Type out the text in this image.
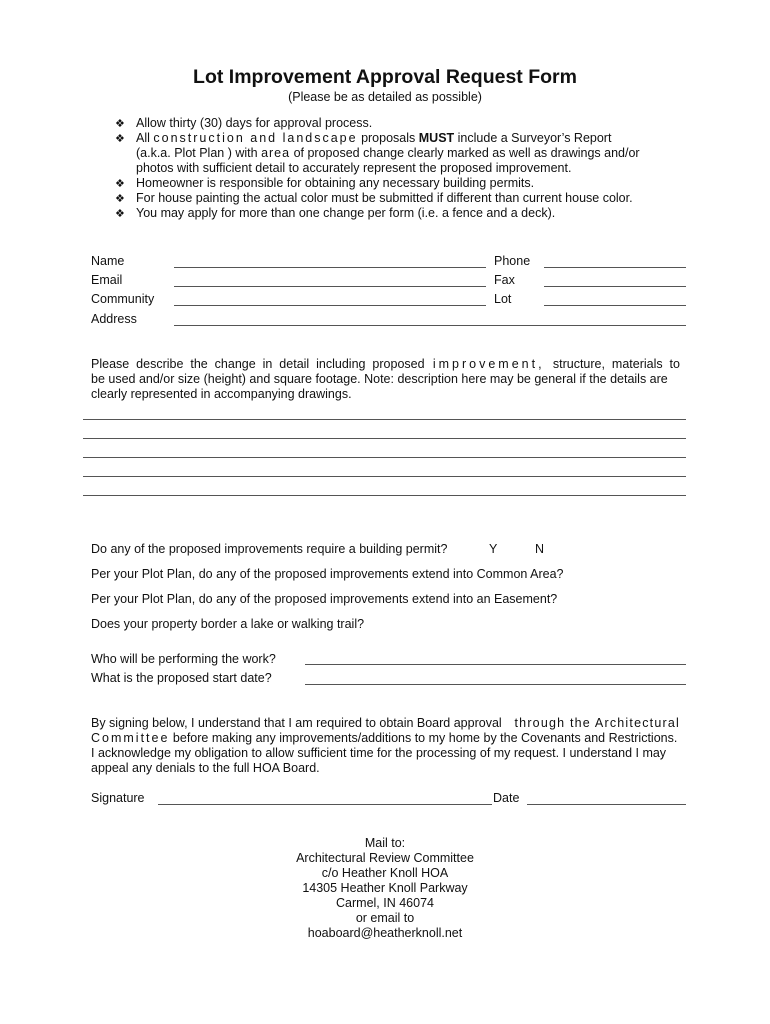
Lot Improvement Approval Request Form
(Please be as detailed as possible)
❖ Allow thirty (30) days for approval process.
❖ All construction and landscape proposals MUST include a Surveyor’s Report
(a.k.a. Plot Plan ) with area of proposed change clearly marked as well as drawings and/or
photos with sufficient detail to accurately represent the proposed improvement.
❖ Homeowner is responsible for obtaining any necessary building permits.
❖ For house painting the actual color must be submitted if different than current house color.
❖ You may apply for more than one change per form (i.e. a fence and a deck).
Name	Phone
Email	Fax
Community	Lot
Address
Please  describe  the  change  in  detail  including  proposed improvement, structure,  materials  to
be used and/or size (height) and square footage. Note: description here may be general if the details are
clearly represented in accompanying drawings.
Do any of the proposed improvements require a building permit?	Y	N
Per your Plot Plan, do any of the proposed improvements extend into Common Area?
Per your Plot Plan, do any of the proposed improvements extend into an Easement?
Does your property border a lake or walking trail?
Who will be performing the work?
What is the proposed start date?
By signing below, I understand that I am required to obtain Board approval through the Architectural
Committee before making any improvements/additions to my home by the Covenants and Restrictions.
I acknowledge my obligation to allow sufficient time for the processing of my request. I understand I may
appeal any denials to the full HOA Board.
Signature	Date
Mail to:
Architectural Review Committee
c/o Heather Knoll HOA
14305 Heather Knoll Parkway
Carmel, IN 46074
or email to
hoaboard@heatherknoll.net
